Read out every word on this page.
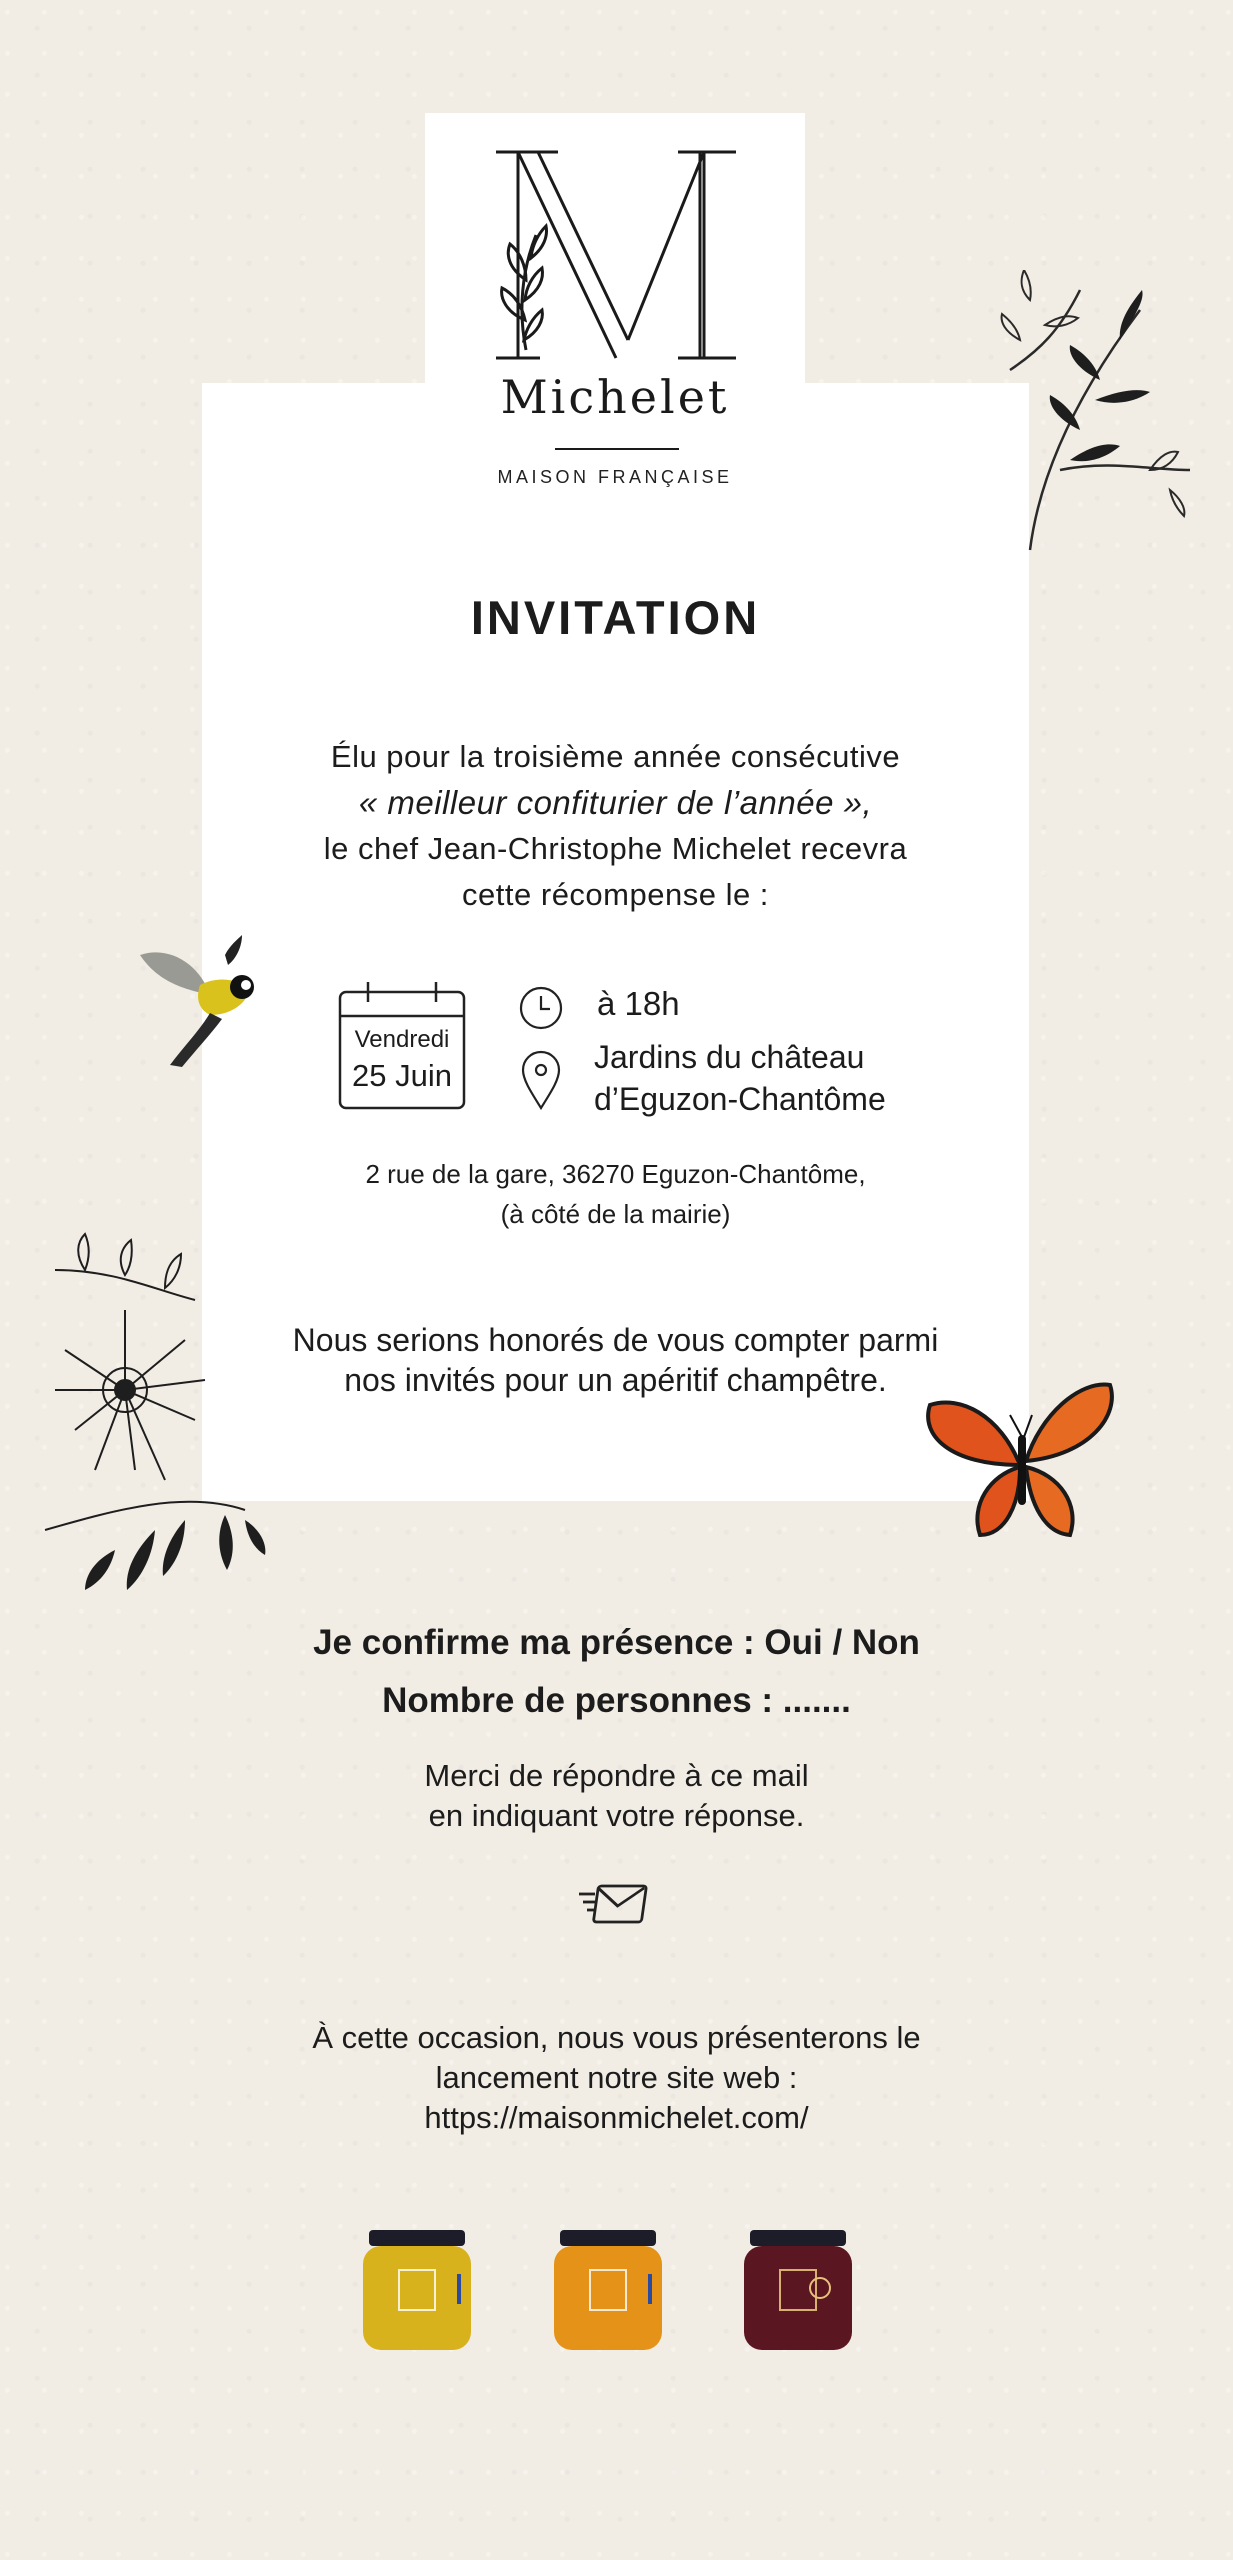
Michelet
MAISON FRANÇAISE
INVITATION
Élu pour la troisième année consécutive
« meilleur confiturier de l’année »,
le chef Jean-Christophe Michelet recevra
cette récompense le :
Vendredi
25 Juin
à 18h
Jardins du château
d’Eguzon-Chantôme
2 rue de la gare, 36270 Eguzon-Chantôme,
(à côté de la mairie)
Nous serions honorés de vous compter parmi
nos invités pour un apéritif champêtre.
Je confirme ma présence : Oui / Non
Nombre de personnes : .......
Merci de répondre à ce mail
en indiquant votre réponse.
À cette occasion, nous vous présenterons le
lancement notre site web :
https://maisonmichelet.com/
